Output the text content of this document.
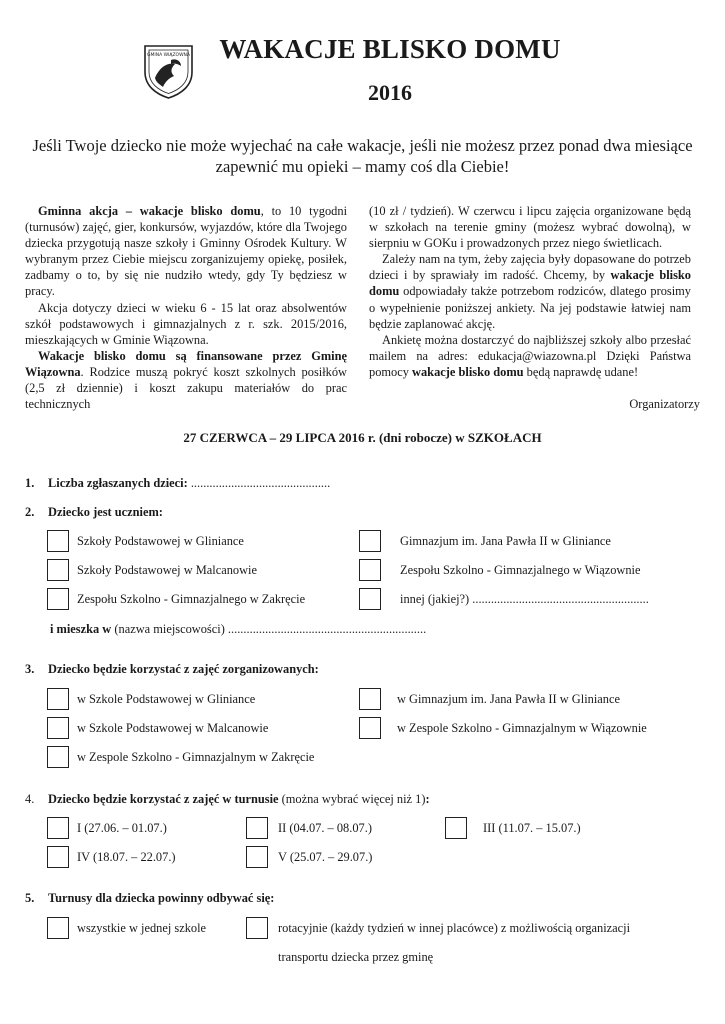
GMINA WIĄZOWNA	WAKACJE BLISKO DOMU
2016
Jeśli Twoje dziecko nie może wyjechać na całe wakacje, jeśli nie możesz przez ponad dwa miesiące zapewnić mu opieki – mamy coś dla Ciebie!

Gminna akcja – wakacje blisko domu, to 10 tygodni (turnusów) zajęć, gier, konkursów, wyjazdów, które dla Twojego dziecka przygotują nasze szkoły i Gminny Ośrodek Kultury. W wybranym przez Ciebie miejscu zorganizujemy opiekę, posiłek, zadbamy o to, by się nie nudziło wtedy, gdy Ty będziesz w pracy.

Akcja dotyczy dzieci w wieku 6 - 15 lat oraz absolwentów szkół podstawowych i gimnazjalnych z r. szk. 2015/2016, mieszkających w Gminie Wiązowna.

Wakacje blisko domu są finansowane przez Gminę Wiązowna. Rodzice muszą pokryć koszt szkolnych posiłków (2,5 zł dziennie) i koszt zakupu materiałów do prac technicznych

(10 zł / tydzień). W czerwcu i lipcu zajęcia organizowane będą w szkołach na terenie gminy (możesz wybrać dowolną), w sierpniu w GOKu i prowadzonych przez niego świetlicach.

Zależy nam na tym, żeby zajęcia były dopasowane do potrzeb dzieci i by sprawiały im radość. Chcemy, by wakacje blisko domu odpowiadały także potrzebom rodziców, dlatego prosimy o wypełnienie poniższej ankiety. Na jej podstawie łatwiej nam będzie zaplanować akcję.

Ankietę można dostarczyć do najbliższej szkoły albo przesłać mailem na adres: edukacja@wiazowna.pl Dzięki Państwa pomocy wakacje blisko domu będą naprawdę udane!

Organizatorzy
27 CZERWCA – 29 LIPCA 2016 r. (dni robocze) w SZKOŁACH
1. Liczba zgłaszanych dzieci: .............................................
2. Dziecko jest uczniem:
Szkoły Podstawowej w Gliniance	Gimnazjum im. Jana Pawła II w Gliniance
Szkoły Podstawowej w Malcanowie	Zespołu Szkolno - Gimnazjalnego w Wiązownie
Zespołu Szkolno - Gimnazjalnego w Zakręcie	innej (jakiej?) .........................................................
i mieszka w (nazwa miejscowości) ................................................................
3. Dziecko będzie korzystać z zajęć zorganizowanych:
w Szkole Podstawowej w Gliniance	w Gimnazjum im. Jana Pawła II w Gliniance
w Szkole Podstawowej w Malcanowie	w Zespole Szkolno - Gimnazjalnym w Wiązownie
w Zespole Szkolno - Gimnazjalnym w Zakręcie
4. Dziecko będzie korzystać z zajęć w turnusie (można wybrać więcej niż 1):
I (27.06. – 01.07.)	II (04.07. – 08.07.)	III (11.07. – 15.07.)
IV (18.07. – 22.07.)	V (25.07. – 29.07.)
5. Turnusy dla dziecka powinny odbywać się:
wszystkie w jednej szkole	rotacyjnie (każdy tydzień w innej placówce) z możliwością organizacji
transportu dziecka przez gminę
